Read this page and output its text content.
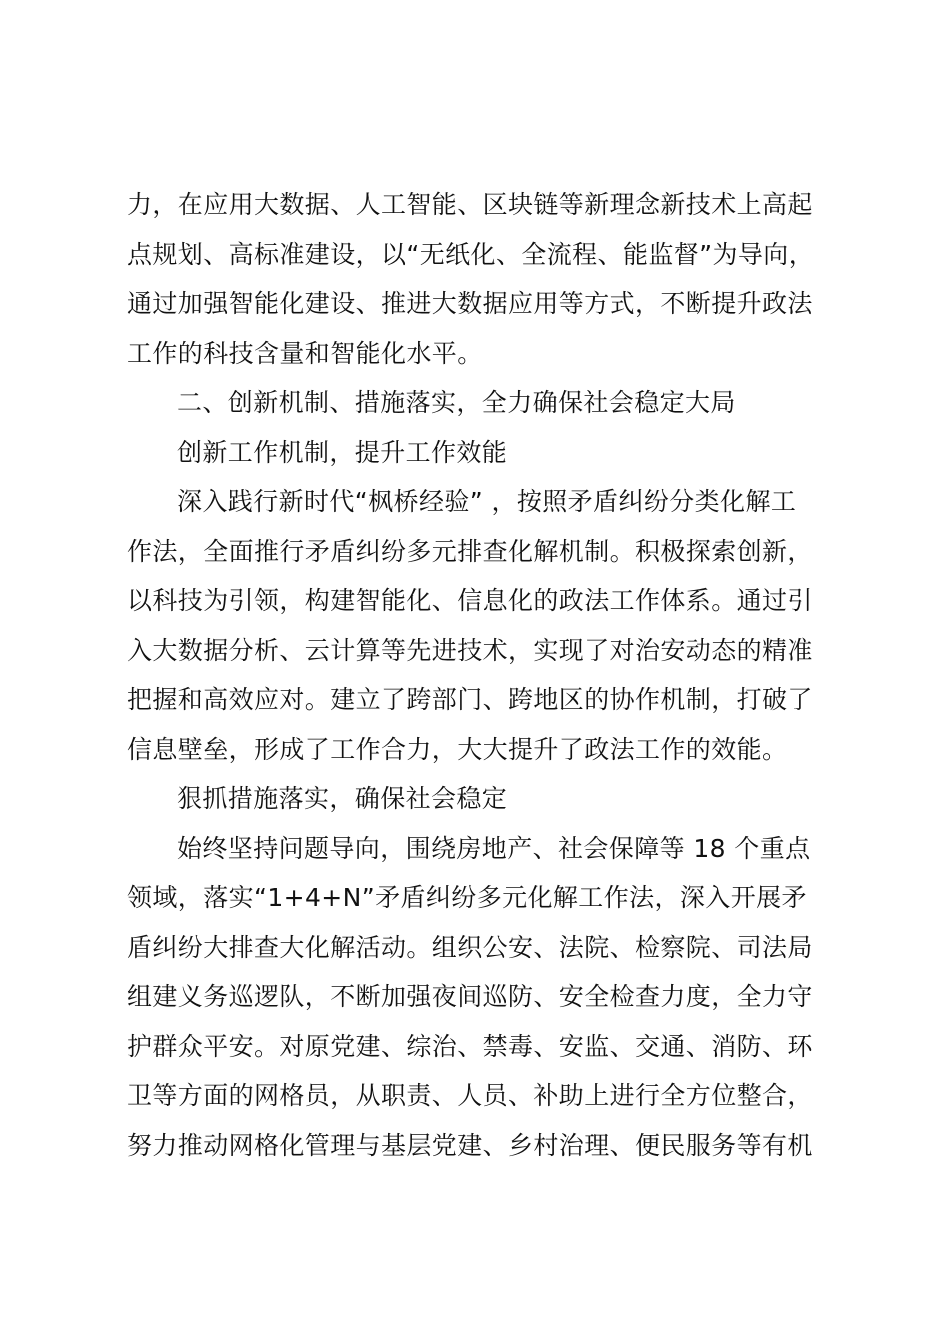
力，在应用大数据、人工智能、区块链等新理念新技术上高起
点规划、高标准建设，以“无纸化、全流程、能监督”为导向，
通过加强智能化建设、推进大数据应用等方式，不断提升政法
工作的科技含量和智能化水平。
二、创新机制、措施落实，全力确保社会稳定大局
创新工作机制，提升工作效能
深入践行新时代“枫桥经验” ，按照矛盾纠纷分类化解工
作法，全面推行矛盾纠纷多元排查化解机制。积极探索创新，
以科技为引领，构建智能化、信息化的政法工作体系。通过引
入大数据分析、云计算等先进技术，实现了对治安动态的精准
把握和高效应对。建立了跨部门、跨地区的协作机制，打破了
信息壁垒，形成了工作合力，大大提升了政法工作的效能。
狠抓措施落实，确保社会稳定
始终坚持问题导向，围绕房地产、社会保障等 18 个重点
领域，落实“1+4+N”矛盾纠纷多元化解工作法，深入开展矛
盾纠纷大排查大化解活动。组织公安、法院、检察院、司法局
组建义务巡逻队，不断加强夜间巡防、安全检查力度，全力守
护群众平安。对原党建、综治、禁毒、安监、交通、消防、环
卫等方面的网格员，从职责、人员、补助上进行全方位整合，
努力推动网格化管理与基层党建、乡村治理、便民服务等有机
